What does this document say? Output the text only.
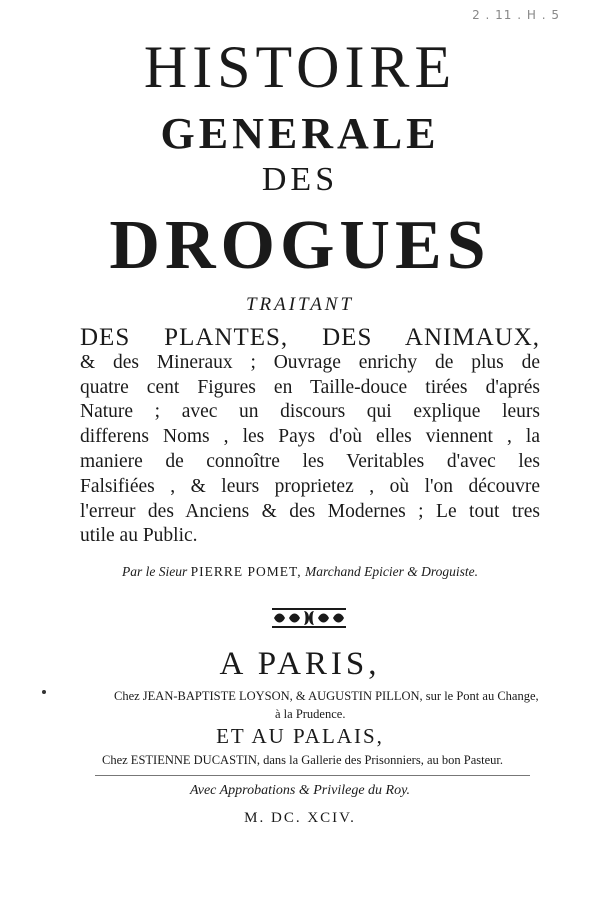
2 . 11 . H . 5
HISTOIRE
GENERALE
DES
DROGUES
TRAITANT
DES PLANTES, DES ANIMAUX,
& des Mineraux ; Ouvrage enrichy de plus de
quatre cent Figures en Taille-douce tirées d'aprés
Nature ; avec un discours qui explique leurs
differens Noms , les Pays d'où elles viennent , la
maniere de connoître les Veritables d'avec les
Falsifiées , & leurs proprietez , où l'on découvre
l'erreur des Anciens & des Modernes ; Le tout tres
utile au Public.
Par le Sieur PIERRE POMET, Marchand Epicier & Droguiste.
A PARIS,
Chez JEAN-BAPTISTE LOYSON, & AUGUSTIN PILLON, sur le Pont au Change,
à la Prudence.
ET AU PALAIS,
Chez ESTIENNE DUCASTIN, dans la Gallerie des Prisonniers, au bon Pasteur.
Avec Approbations & Privilege du Roy.
M. DC. XCIV.
